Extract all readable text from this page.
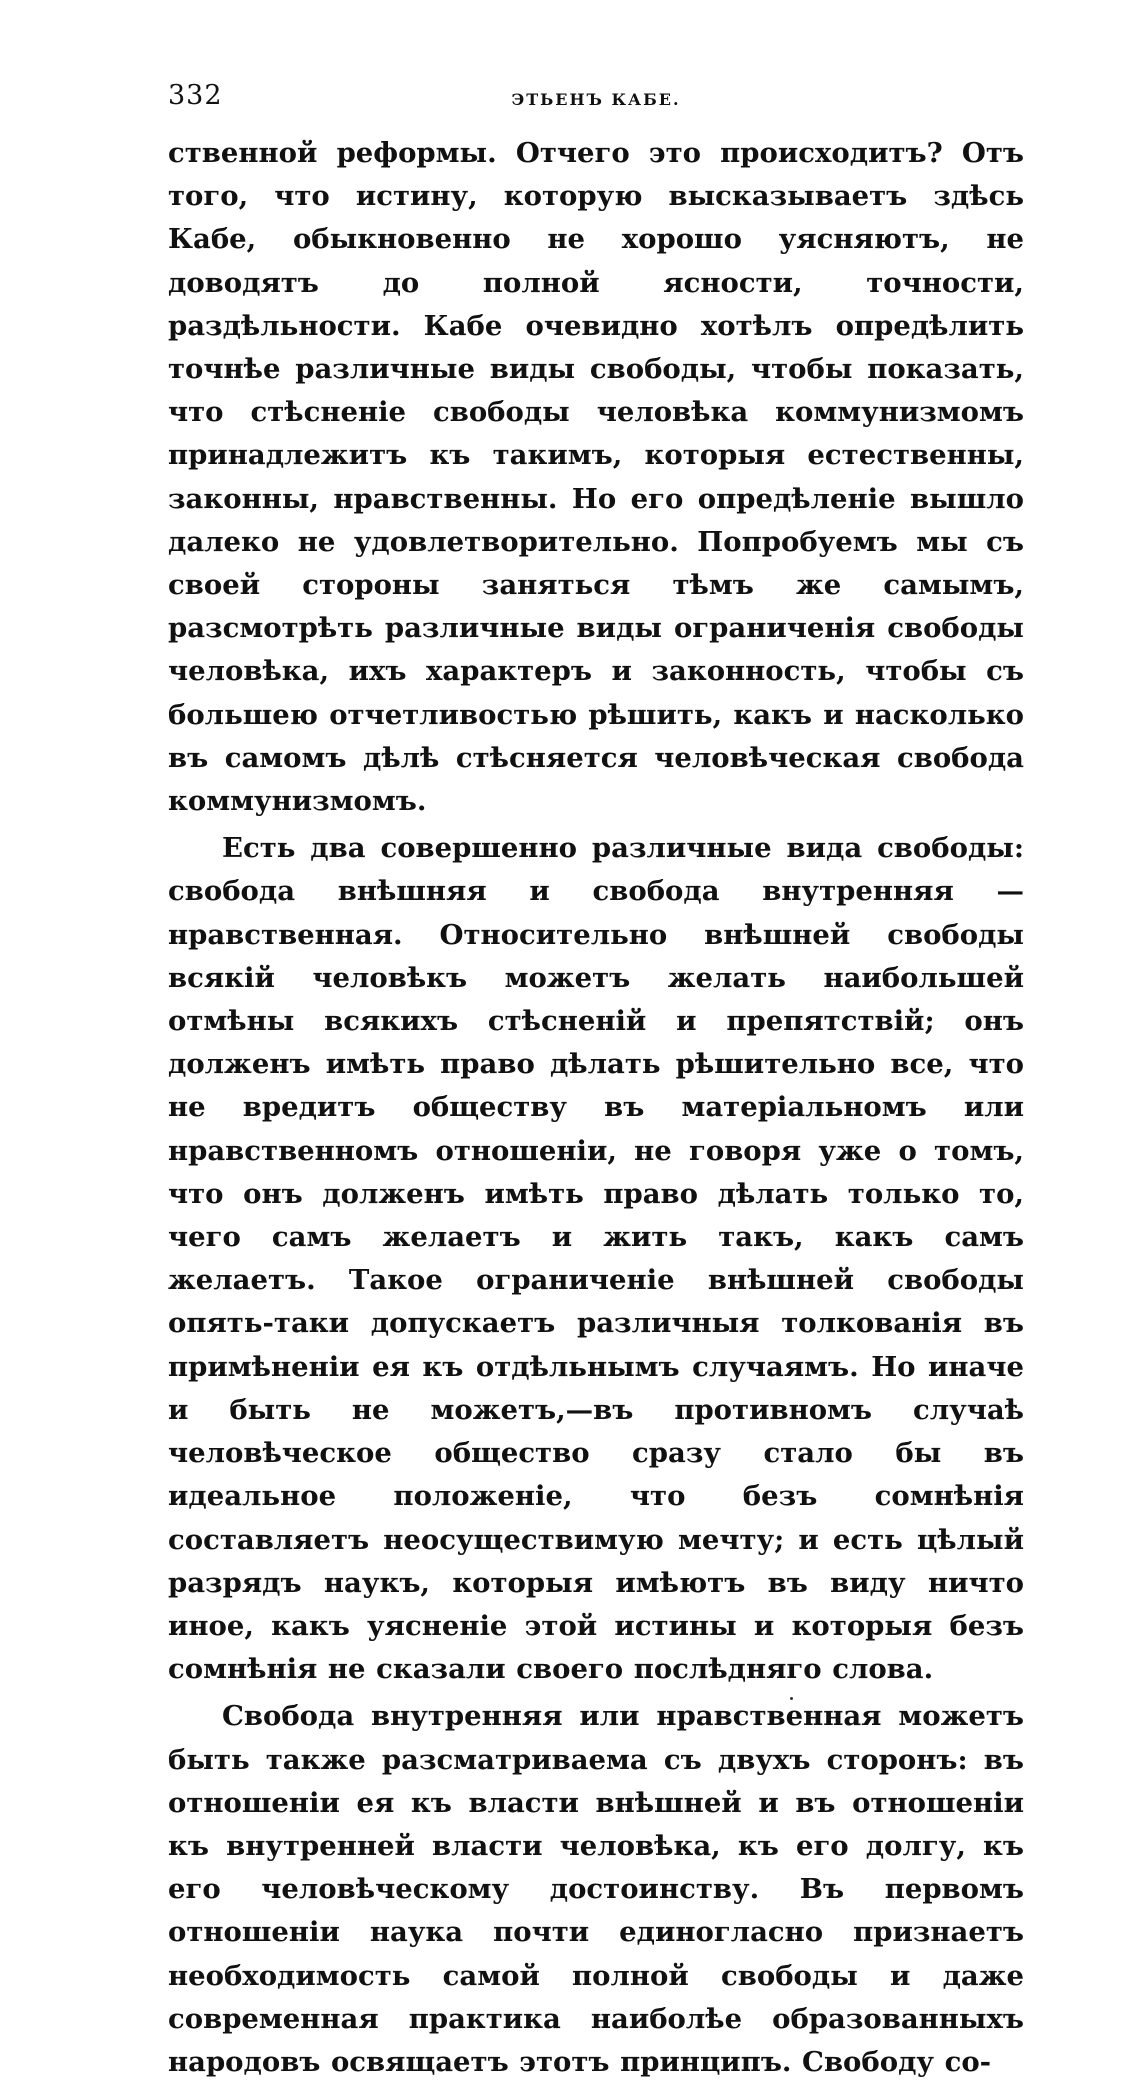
332	ЭТЬЕНЪ КАБЕ.

ственной реформы. Отчего это происходитъ? Отъ того, что истину, которую высказываетъ здѣсь Кабе, обыкновенно не хорошо уясняютъ, не доводятъ до полной ясности, точности, раздѣльности. Кабе очевидно хотѣлъ опредѣлить точнѣе различные виды свободы, чтобы показать, что стѣсненіе свободы человѣка коммунизмомъ принадлежитъ къ такимъ, которыя естественны, законны, нравственны. Но его опредѣленіе вышло далеко не удовлетворительно. Попробуемъ мы съ своей стороны заняться тѣмъ же самымъ, разсмотрѣть различные виды ограниченія свободы человѣка, ихъ характеръ и законность, чтобы съ большею отчетливостью рѣшить, какъ и насколько въ самомъ дѣлѣ стѣсняется человѣческая свобода коммунизмомъ.

Есть два совершенно различные вида свободы: свобода внѣшняя и свобода внутренняя — нравственная. Относительно внѣшней свободы всякій человѣкъ можетъ желать наибольшей отмѣны всякихъ стѣсненій и препятствій; онъ долженъ имѣть право дѣлать рѣшительно все, что не вредитъ обществу въ матеріальномъ или нравственномъ отношеніи, не говоря уже о томъ, что онъ долженъ имѣть право дѣлать только то, чего самъ желаетъ и жить такъ, какъ самъ желаетъ. Такое ограниченіе внѣшней свободы опять-таки допускаетъ различныя толкованія въ примѣненіи ея къ отдѣльнымъ случаямъ. Но иначе и быть не можетъ,—въ противномъ случаѣ человѣческое общество сразу стало бы въ идеальное положеніе, что безъ сомнѣнія составляетъ неосуществимую мечту; и есть цѣлый разрядъ наукъ, которыя имѣютъ въ виду ничто иное, какъ уясненіе этой истины и которыя безъ сомнѣнія не сказали своего послѣдняго слова.

Свобода внутренняя или нравственная можетъ быть также разсматриваема съ двухъ сторонъ: въ отношеніи ея къ власти внѣшней и въ отношеніи къ внутренней власти человѣка, къ его долгу, къ его человѣческому достоинству. Въ первомъ отношеніи наука почти единогласно признаетъ необходимость самой полной свободы и даже современная практика наиболѣе образованныхъ народовъ освящаетъ этотъ принципъ. Свободу со-
